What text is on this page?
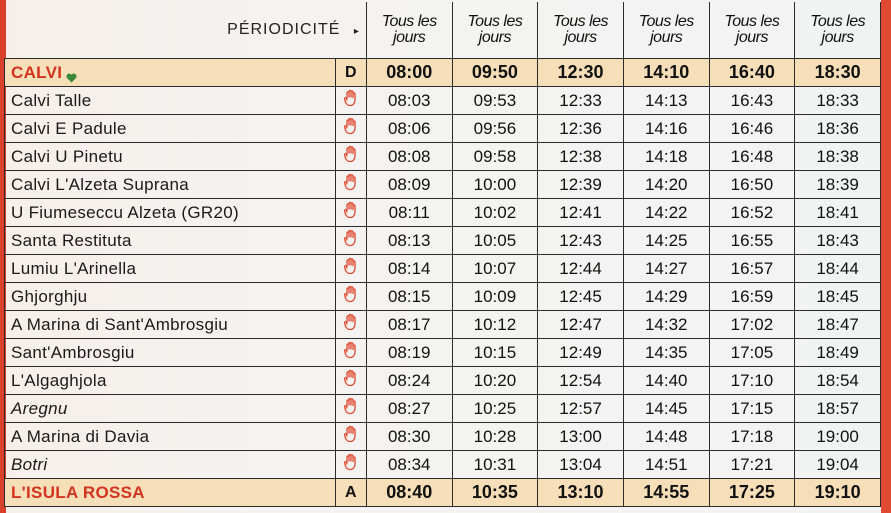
PÉRIODICITÉ ▸		Tous les jours	Tous les jours	Tous les jours	Tous les jours	Tous les jours	Tous les jours

CALVI	D	08:00	09:50	12:30	14:10	16:40	18:30
Calvi Talle		08:03	09:53	12:33	14:13	16:43	18:33
Calvi E Padule		08:06	09:56	12:36	14:16	16:46	18:36
Calvi U Pinetu		08:08	09:58	12:38	14:18	16:48	18:38
Calvi L'Alzeta Suprana		08:09	10:00	12:39	14:20	16:50	18:39
U Fiumeseccu Alzeta (GR20)		08:11	10:02	12:41	14:22	16:52	18:41
Santa Restituta		08:13	10:05	12:43	14:25	16:55	18:43
Lumiu L'Arinella		08:14	10:07	12:44	14:27	16:57	18:44
Ghjorghju		08:15	10:09	12:45	14:29	16:59	18:45
A Marina di Sant'Ambrosgiu		08:17	10:12	12:47	14:32	17:02	18:47
Sant'Ambrosgiu		08:19	10:15	12:49	14:35	17:05	18:49
L'Algaghjola		08:24	10:20	12:54	14:40	17:10	18:54
Aregnu		08:27	10:25	12:57	14:45	17:15	18:57
A Marina di Davia		08:30	10:28	13:00	14:48	17:18	19:00
Botri		08:34	10:31	13:04	14:51	17:21	19:04
L'ISULA ROSSA	A	08:40	10:35	13:10	14:55	17:25	19:10
